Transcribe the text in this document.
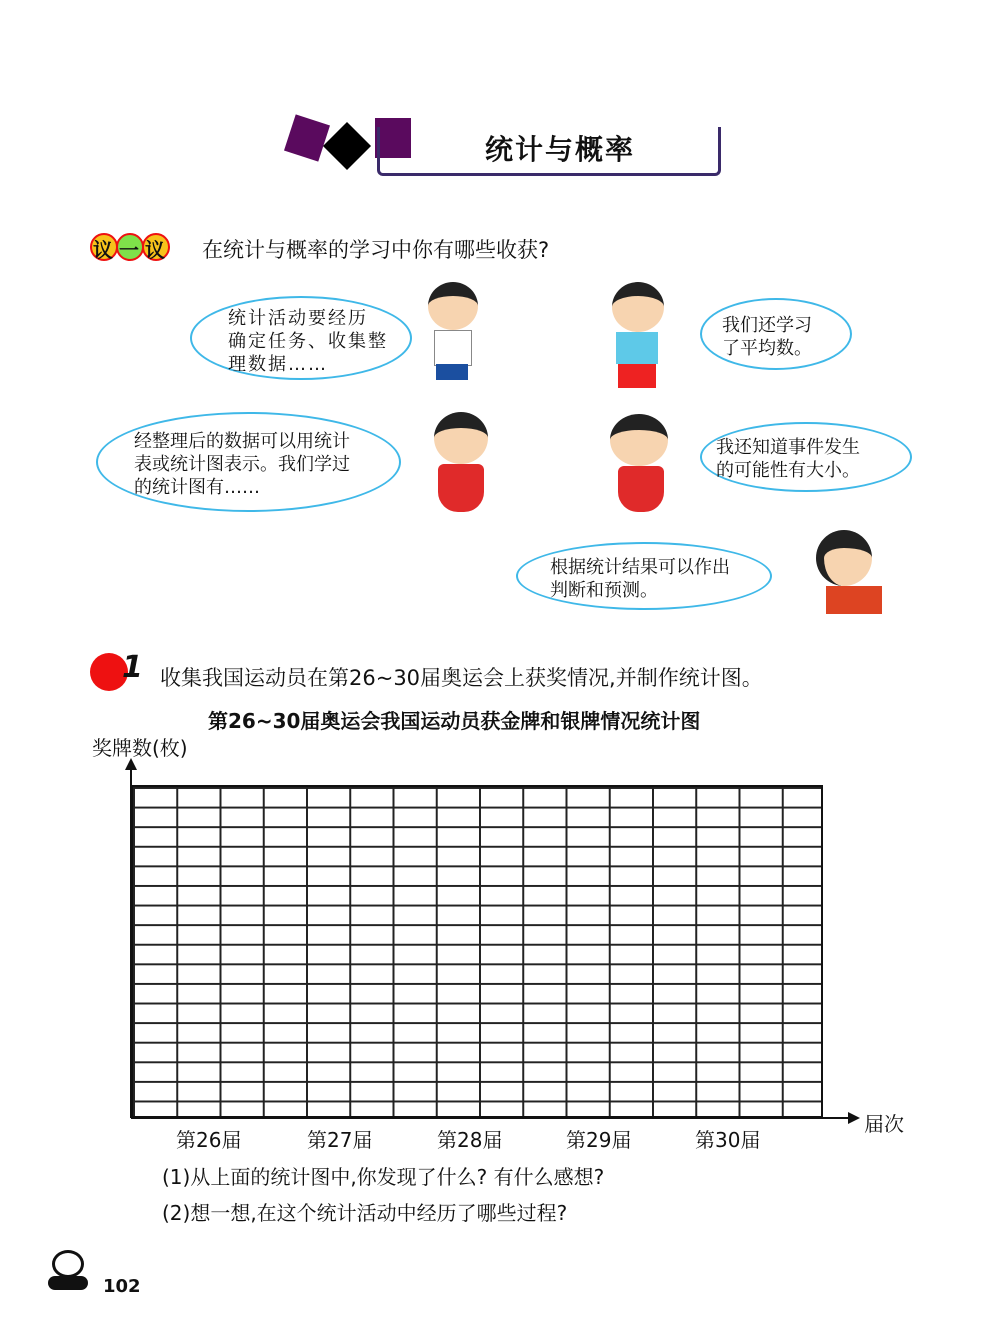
统计与概率
议一议 在统计与概率的学习中你有哪些收获?
统计活动要经历
确定任务、收集整
理数据……
我们还学习
了平均数。
经整理后的数据可以用统计
表或统计图表示。我们学过
的统计图有……
我还知道事件发生
的可能性有大小。
根据统计结果可以作出
判断和预测。
1 收集我国运动员在第26~30届奥运会上获奖情况,并制作统计图。
第26~30届奥运会我国运动员获金牌和银牌情况统计图
奖牌数(枚)
届次
第26届	第27届	第28届	第29届	第30届
(1)从上面的统计图中,你发现了什么? 有什么感想?
(2)想一想,在这个统计活动中经历了哪些过程?
102
